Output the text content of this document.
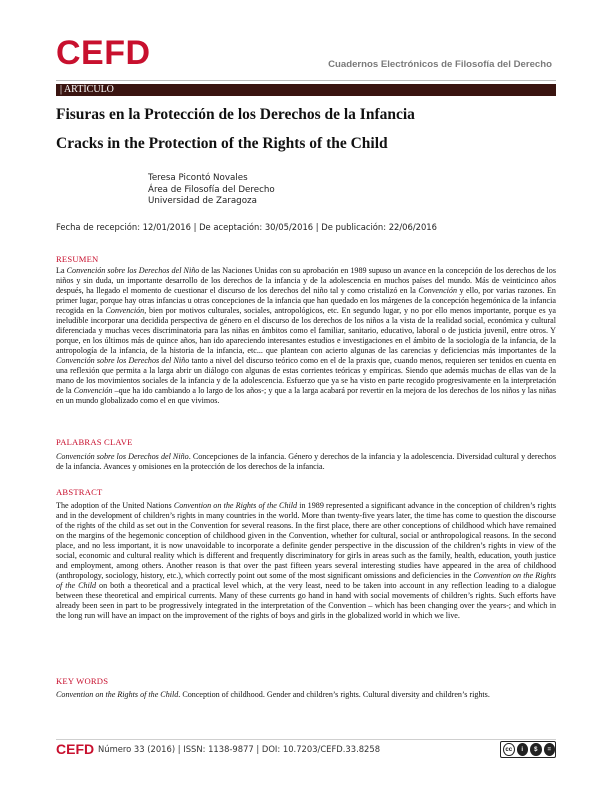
CEFD	Cuadernos Electrónicos de Filosofía del Derecho
| ARTÍCULO
Fisuras en la Protección de los Derechos de la Infancia
Cracks in the Protection of the Rights of the Child
Teresa Picontó Novales
Área de Filosofía del Derecho
Universidad de Zaragoza
Fecha de recepción: 12/01/2016 | De aceptación: 30/05/2016 | De publicación: 22/06/2016
RESUMEN

La Convención sobre los Derechos del Niño de las Naciones Unidas con su aprobación en 1989 supuso un avance en la concepción de los derechos de los niños y sin duda, un importante desarrollo de los derechos de la infancia y de la adolescencia en muchos países del mundo. Más de veinticinco años después, ha llegado el momento de cuestionar el discurso de los derechos del niño tal y como cristalizó en la Convención y ello, por varias razones. En primer lugar, porque hay otras infancias u otras concepciones de la infancia que han quedado en los márgenes de la concepción hegemónica de la infancia recogida en la Convención, bien por motivos culturales, sociales, antropológicos, etc. En segundo lugar, y no por ello menos importante, porque es ya ineludible incorporar una decidida perspectiva de género en el discurso de los derechos de los niños a la vista de la realidad social, económica y cultural diferenciada y muchas veces discriminatoria para las niñas en ámbitos como el familiar, sanitario, educativo, laboral o de justicia juvenil, entre otros. Y porque, en los últimos más de quince años, han ido apareciendo interesantes estudios e investigaciones en el ámbito de la sociología de la infancia, de la antropología de la infancia, de la historia de la infancia, etc... que plantean con acierto algunas de las carencias y deficiencias más importantes de la Convención sobre los Derechos del Niño tanto a nivel del discurso teórico como en el de la praxis que, cuando menos, requieren ser tenidos en cuenta en una reflexión que permita a la larga abrir un diálogo con algunas de estas corrientes teóricas y empíricas. Siendo que además muchas de ellas van de la mano de los movimientos sociales de la infancia y de la adolescencia. Esfuerzo que ya se ha visto en parte recogido progresivamente en la interpretación de la Convención –que ha ido cambiando a lo largo de los años-; y que a la larga acabará por revertir en la mejora de los derechos de los niños y las niñas en un mundo globalizado como el en que vivimos.

PALABRAS CLAVE

Convención sobre los Derechos del Niño. Concepciones de la infancia. Género y derechos de la infancia y la adolescencia. Diversidad cultural y derechos de la infancia. Avances y omisiones en la protección de los derechos de la infancia.

ABSTRACT

The adoption of the United Nations Convention on the Rights of the Child in 1989 represented a significant advance in the conception of children’s rights and in the development of children’s rights in many countries in the world. More than twenty-five years later, the time has come to question the discourse of the rights of the child as set out in the Convention for several reasons. In the first place, there are other conceptions of childhood which have remained on the margins of the hegemonic conception of childhood given in the Convention, whether for cultural, social or anthropological reasons. In the second place, and no less important, it is now unavoidable to incorporate a definite gender perspective in the discussion of the children’s rights in view of the social, economic and cultural reality which is different and frequently discriminatory for girls in areas such as the family, health, education, youth justice and employment, among others. Another reason is that over the past fifteen years several interesting studies have appeared in the area of childhood (anthropology, sociology, history, etc.), which correctly point out some of the most significant omissions and deficiencies in the Convention on the Rights of the Child on both a theoretical and a practical level which, at the very least, need to be taken into account in any reflection leading to a dialogue between these theoretical and empirical currents. Many of these currents go hand in hand with social movements of children’s rights. Such efforts have already been seen in part to be progressively integrated in the interpretation of the Convention – which has been changing over the years-; and which in the long run will have an impact on the improvement of the rights of boys and girls in the globalized world in which we live.

KEY WORDS

Convention on the Rights of the Child. Conception of childhood. Gender and children’s rights. Cultural diversity and children’s rights.

CEFD Número 33 (2016) | ISSN: 1138-9877 | DOI: 10.7203/CEFD.33.8258	cc	i	$	=
